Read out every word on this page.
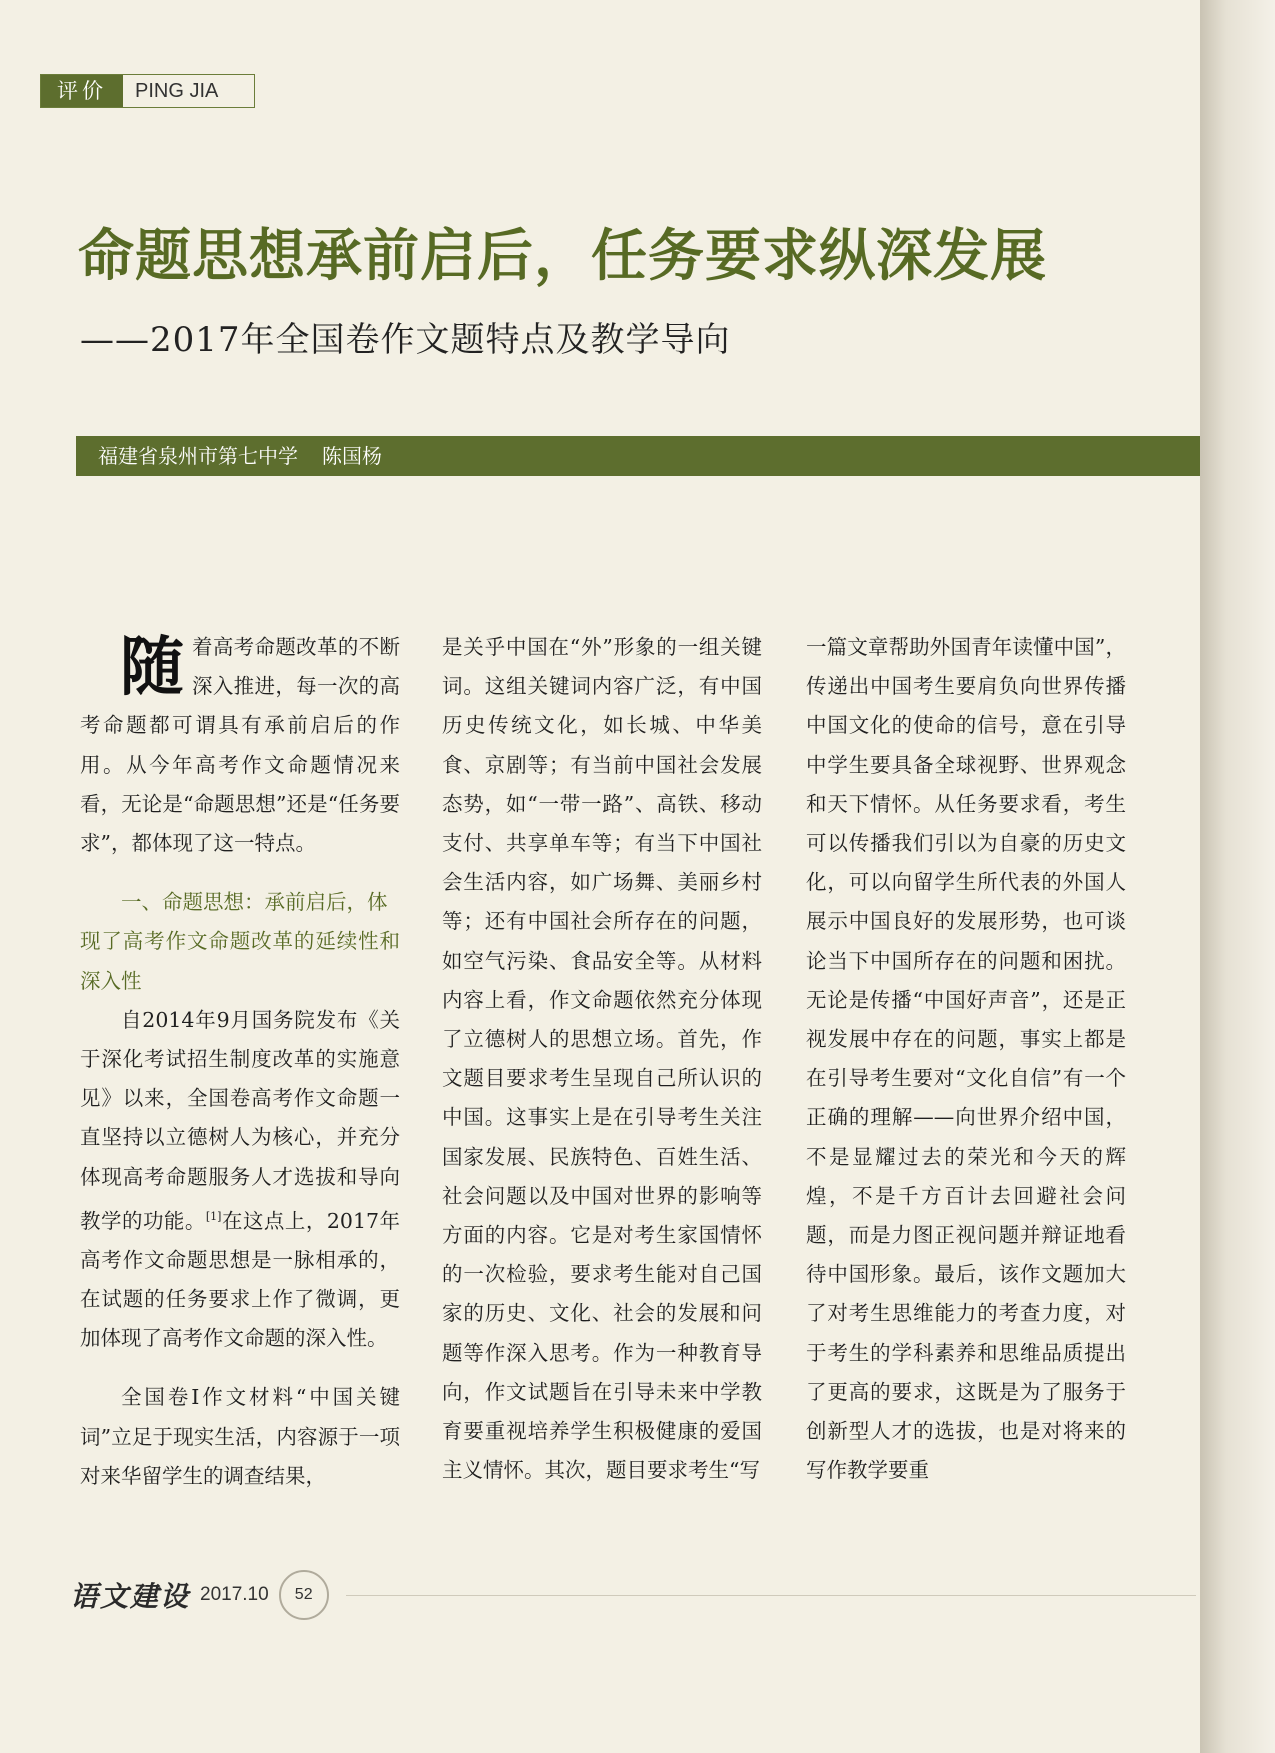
评价	PING JIA
命题思想承前启后，任务要求纵深发展
——2017年全国卷作文题特点及教学导向
福建省泉州市第七中学 陈国杨

随着高考命题改革的不断深入推进，每一次的高考命题都可谓具有承前启后的作用。从今年高考作文命题情况来看，无论是“命题思想”还是“任务要求”，都体现了这一特点。

一、命题思想：承前启后，体
现了高考作文命题改革的延续性和深入性

自2014年9月国务院发布《关于深化考试招生制度改革的实施意见》以来，全国卷高考作文命题一直坚持以立德树人为核心，并充分体现高考命题服务人才选拔和导向教学的功能。[1]在这点上，2017年高考作文命题思想是一脉相承的，在试题的任务要求上作了微调，更加体现了高考作文命题的深入性。

全国卷Ⅰ作文材料“中国关键词”立足于现实生活，内容源于一项对来华留学生的调查结果，

是关乎中国在“外”形象的一组关键词。这组关键词内容广泛，有中国历史传统文化，如长城、中华美食、京剧等；有当前中国社会发展态势，如“一带一路”、高铁、移动支付、共享单车等；有当下中国社会生活内容，如广场舞、美丽乡村等；还有中国社会所存在的问题，如空气污染、食品安全等。从材料内容上看，作文命题依然充分体现了立德树人的思想立场。首先，作文题目要求考生呈现自己所认识的中国。这事实上是在引导考生关注国家发展、民族特色、百姓生活、社会问题以及中国对世界的影响等方面的内容。它是对考生家国情怀的一次检验，要求考生能对自己国家的历史、文化、社会的发展和问题等作深入思考。作为一种教育导向，作文试题旨在引导未来中学教育要重视培养学生积极健康的爱国主义情怀。其次，题目要求考生“写

一篇文章帮助外国青年读懂中国”，传递出中国考生要肩负向世界传播中国文化的使命的信号，意在引导中学生要具备全球视野、世界观念和天下情怀。从任务要求看，考生可以传播我们引以为自豪的历史文化，可以向留学生所代表的外国人展示中国良好的发展形势，也可谈论当下中国所存在的问题和困扰。无论是传播“中国好声音”，还是正视发展中存在的问题，事实上都是在引导考生要对“文化自信”有一个正确的理解——向世界介绍中国，不是显耀过去的荣光和今天的辉煌，不是千方百计去回避社会问题，而是力图正视问题并辩证地看待中国形象。最后，该作文题加大了对考生思维能力的考查力度，对于考生的学科素养和思维品质提出了更高的要求，这既是为了服务于创新型人才的选拔，也是对将来的写作教学要重

语文建设 2017.10	52
